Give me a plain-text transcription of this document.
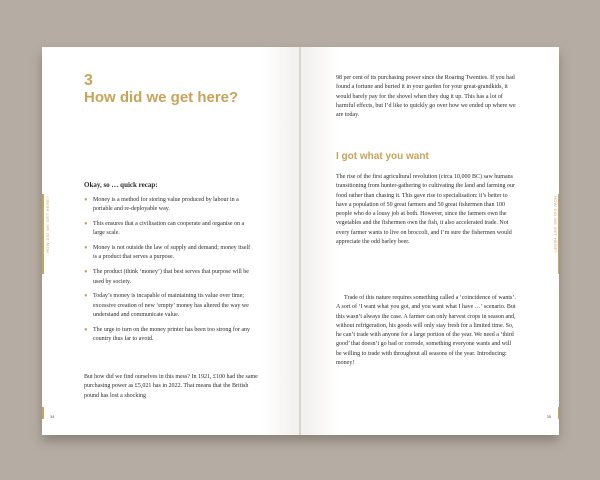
3
How did we get here?
HOW DID WE GET HERE?
Okay, so … quick recap:
● Money is a method for storing value produced by labour in a portable and re-deployable way.
● This ensures that a civilisation can cooperate and organise on a large scale.
● Money is not outside the law of supply and demand; money itself is a product that serves a purpose.
● The product (think ‘money’) that best serves that purpose will be used by society.
● Today’s money is incapable of maintaining its value over time; excessive creation of new ‘empty’ money has altered the way we understand and communicate value.
● The urge to turn on the money printer has been too strong for any country thus far to avoid.

But how did we find ourselves in this mess? In 1921, £100 had the same purchasing power as £5,021 has in 2022. That means that the British pound has lost a shocking

34

98 per cent of its purchasing power since the Roaring Twenties. If you had found a fortune and buried it in your garden for your great-grandkids, it would barely pay for the shovel when they dug it up. This has a lot of harmful effects, but I’d like to quickly go over how we ended up where we are today.

I got what you want

The rise of the first agricultural revolution (circa 10,000 BC) saw humans transitioning from hunter-gathering to cultivating the land and farming our food rather than chasing it. This gave rise to specialisation: it’s better to have a population of 50 great farmers and 50 great fishermen than 100 people who do a lousy job at both. However, since the farmers own the vegetables and the fishermen own the fish, it also accelerated trade. Not every farmer wants to live on broccoli, and I’m sure the fishermen would appreciate the odd barley beer.

Trade of this nature requires something called a ‘coincidence of wants’. A sort of ‘I want what you got, and you want what I have …’ scenario. But this wasn’t always the case. A farmer can only harvest crops in season and, without refrigeration, his goods will only stay fresh for a limited time. So, he can’t trade with anyone for a large portion of the year. We need a ‘third good’ that doesn’t go bad or corrode, something everyone wants and will be willing to trade with throughout all seasons of the year. Introducing: money!

HOW DID WE GET HERE?
35
